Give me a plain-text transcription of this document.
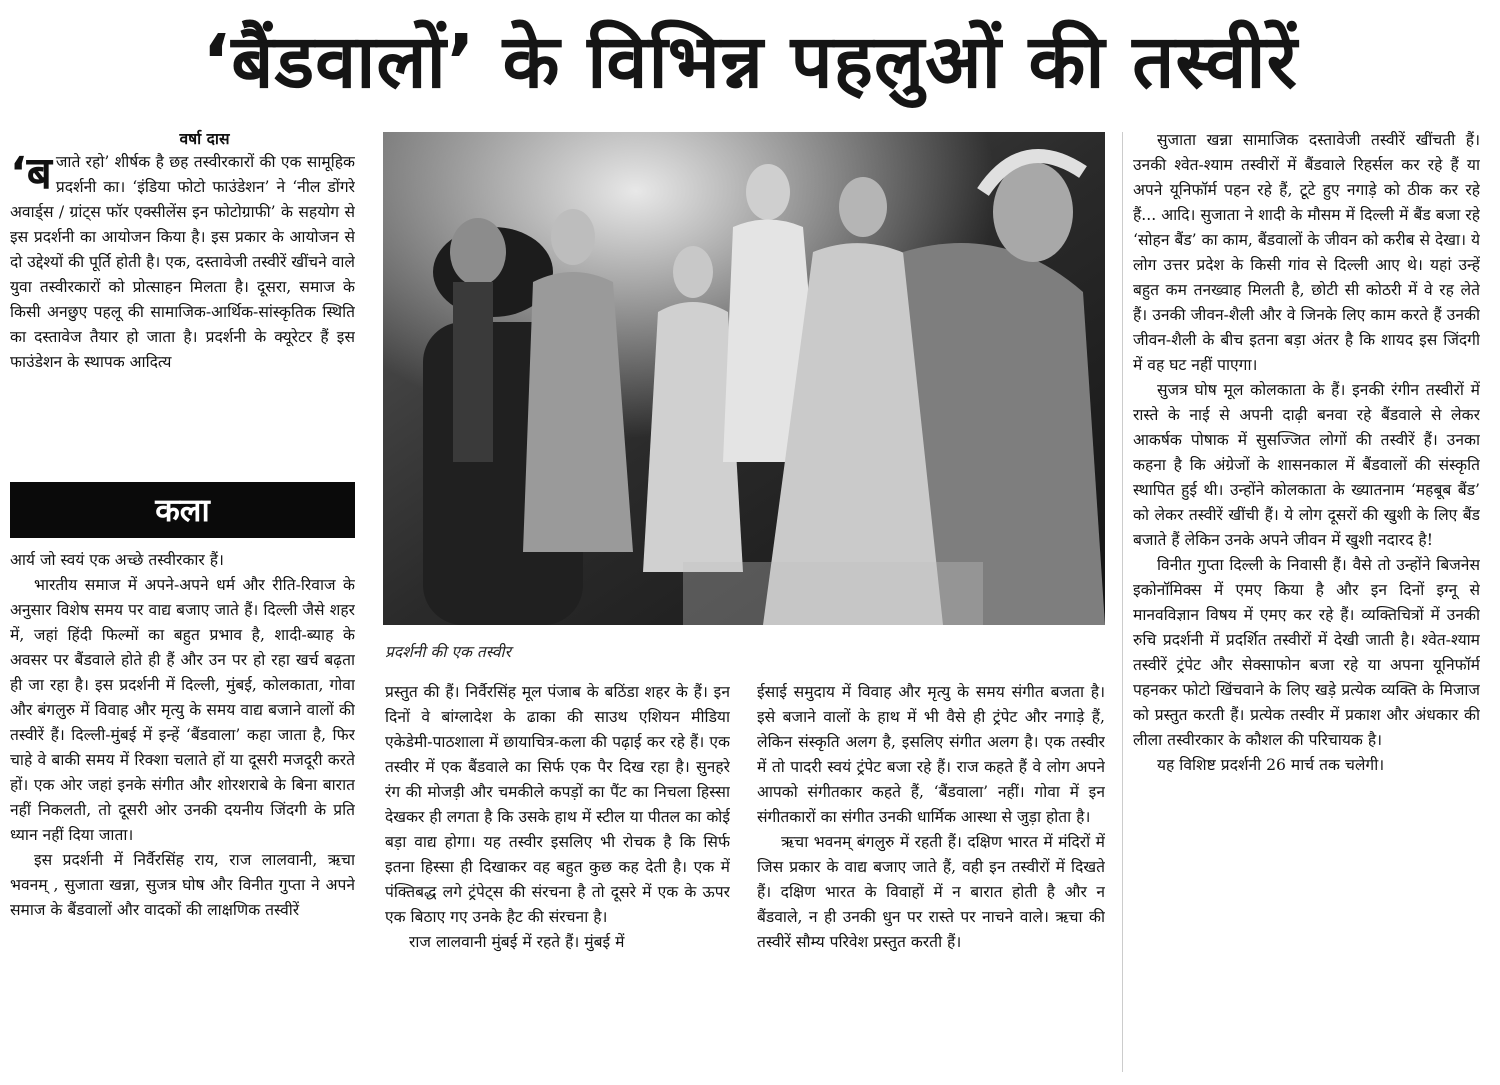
‘बैंडवालों’ के विभिन्न पहलुओं की तस्वीरें

वर्षा दास

‘बजाते रहो’ शीर्षक है छह तस्वीरकारों की एक सामूहिक प्रदर्शनी का। ‘इंडिया फोटो फाउंडेशन’ ने ‘नील डोंगरे अवार्ड्स / ग्रांट्स फॉर एक्सीलेंस इन फोटोग्राफी’ के सहयोग से इस प्रदर्शनी का आयोजन किया है। इस प्रकार के आयोजन से दो उद्देश्यों की पूर्ति होती है। एक, दस्तावेजी तस्वीरें खींचने वाले युवा तस्वीरकारों को प्रोत्साहन मिलता है। दूसरा, समाज के किसी अनछुए पहलू की सामाजिक-आर्थिक-सांस्कृतिक स्थिति का दस्तावेज तैयार हो जाता है। प्रदर्शनी के क्यूरेटर हैं इस फाउंडेशन के स्थापक आदित्य

कला

आर्य जो स्वयं एक अच्छे तस्वीरकार हैं।

भारतीय समाज में अपने-अपने धर्म और रीति-रिवाज के अनुसार विशेष समय पर वाद्य बजाए जाते हैं। दिल्ली जैसे शहर में, जहां हिंदी फिल्मों का बहुत प्रभाव है, शादी-ब्याह के अवसर पर बैंडवाले होते ही हैं और उन पर हो रहा खर्च बढ़ता ही जा रहा है। इस प्रदर्शनी में दिल्ली, मुंबई, कोलकाता, गोवा और बंगलुरु में विवाह और मृत्यु के समय वाद्य बजाने वालों की तस्वीरें हैं। दिल्ली-मुंबई में इन्हें ‘बैंडवाला’ कहा जाता है, फिर चाहे वे बाकी समय में रिक्शा चलाते हों या दूसरी मजदूरी करते हों। एक ओर जहां इनके संगीत और शोरशराबे के बिना बारात नहीं निकलती, तो दूसरी ओर उनकी दयनीय जिंदगी के प्रति ध्यान नहीं दिया जाता।

इस प्रदर्शनी में निर्वैरसिंह राय, राज लालवानी, ऋचा भवनम् , सुजाता खन्ना, सुजत्र घोष और विनीत गुप्ता ने अपने समाज के बैंडवालों और वादकों की लाक्षणिक तस्वीरें

प्रदर्शनी की एक तस्वीर

प्रस्तुत की हैं। निर्वैरसिंह मूल पंजाब के बठिंडा शहर के हैं। इन दिनों वे बांग्लादेश के ढाका की साउथ एशियन मीडिया एकेडेमी-पाठशाला में छायाचित्र-कला की पढ़ाई कर रहे हैं। एक तस्वीर में एक बैंडवाले का सिर्फ एक पैर दिख रहा है। सुनहरे रंग की मोजड़ी और चमकीले कपड़ों का पैंट का निचला हिस्सा देखकर ही लगता है कि उसके हाथ में स्टील या पीतल का कोई बड़ा वाद्य होगा। यह तस्वीर इसलिए भी रोचक है कि सिर्फ इतना हिस्सा ही दिखाकर वह बहुत कुछ कह देती है। एक में पंक्तिबद्ध लगे ट्रंपेट्स की संरचना है तो दूसरे में एक के ऊपर एक बिठाए गए उनके हैट की संरचना है।

राज लालवानी मुंबई में रहते हैं। मुंबई में

ईसाई समुदाय में विवाह और मृत्यु के समय संगीत बजता है। इसे बजाने वालों के हाथ में भी वैसे ही ट्रंपेट और नगाड़े हैं, लेकिन संस्कृति अलग है, इसलिए संगीत अलग है। एक तस्वीर में तो पादरी स्वयं ट्रंपेट बजा रहे हैं। राज कहते हैं वे लोग अपने आपको संगीतकार कहते हैं, ‘बैंडवाला’ नहीं। गोवा में इन संगीतकारों का संगीत उनकी धार्मिक आस्था से जुड़ा होता है।

ऋचा भवनम् बंगलुरु में रहती हैं। दक्षिण भारत में मंदिरों में जिस प्रकार के वाद्य बजाए जाते हैं, वही इन तस्वीरों में दिखते हैं। दक्षिण भारत के विवाहों में न बारात होती है और न बैंडवाले, न ही उनकी धुन पर रास्ते पर नाचने वाले। ऋचा की तस्वीरें सौम्य परिवेश प्रस्तुत करती हैं।

सुजाता खन्ना सामाजिक दस्तावेजी तस्वीरें खींचती हैं। उनकी श्वेत-श्याम तस्वीरों में बैंडवाले रिहर्सल कर रहे हैं या अपने यूनिफॉर्म पहन रहे हैं, टूटे हुए नगाड़े को ठीक कर रहे हैं... आदि। सुजाता ने शादी के मौसम में दिल्ली में बैंड बजा रहे ‘सोहन बैंड’ का काम, बैंडवालों के जीवन को करीब से देखा। ये लोग उत्तर प्रदेश के किसी गांव से दिल्ली आए थे। यहां उन्हें बहुत कम तनख्वाह मिलती है, छोटी सी कोठरी में वे रह लेते हैं। उनकी जीवन-शैली और वे जिनके लिए काम करते हैं उनकी जीवन-शैली के बीच इतना बड़ा अंतर है कि शायद इस जिंदगी में वह घट नहीं पाएगा।

सुजत्र घोष मूल कोलकाता के हैं। इनकी रंगीन तस्वीरों में रास्ते के नाई से अपनी दाढ़ी बनवा रहे बैंडवाले से लेकर आकर्षक पोषाक में सुसज्जित लोगों की तस्वीरें हैं। उनका कहना है कि अंग्रेजों के शासनकाल में बैंडवालों की संस्कृति स्थापित हुई थी। उन्होंने कोलकाता के ख्यातनाम ‘महबूब बैंड’ को लेकर तस्वीरें खींची हैं। ये लोग दूसरों की खुशी के लिए बैंड बजाते हैं लेकिन उनके अपने जीवन में खुशी नदारद है!

विनीत गुप्ता दिल्ली के निवासी हैं। वैसे तो उन्होंने बिजनेस इकोनॉमिक्स में एमए किया है और इन दिनों इग्नू से मानवविज्ञान विषय में एमए कर रहे हैं। व्यक्तिचित्रों में उनकी रुचि प्रदर्शनी में प्रदर्शित तस्वीरों में देखी जाती है। श्वेत-श्याम तस्वीरें ट्रंपेट और सेक्साफोन बजा रहे या अपना यूनिफॉर्म पहनकर फोटो खिंचवाने के लिए खड़े प्रत्येक व्यक्ति के मिजाज को प्रस्तुत करती हैं। प्रत्येक तस्वीर में प्रकाश और अंधकार की लीला तस्वीरकार के कौशल की परिचायक है।

यह विशिष्ट प्रदर्शनी 26 मार्च तक चलेगी।
